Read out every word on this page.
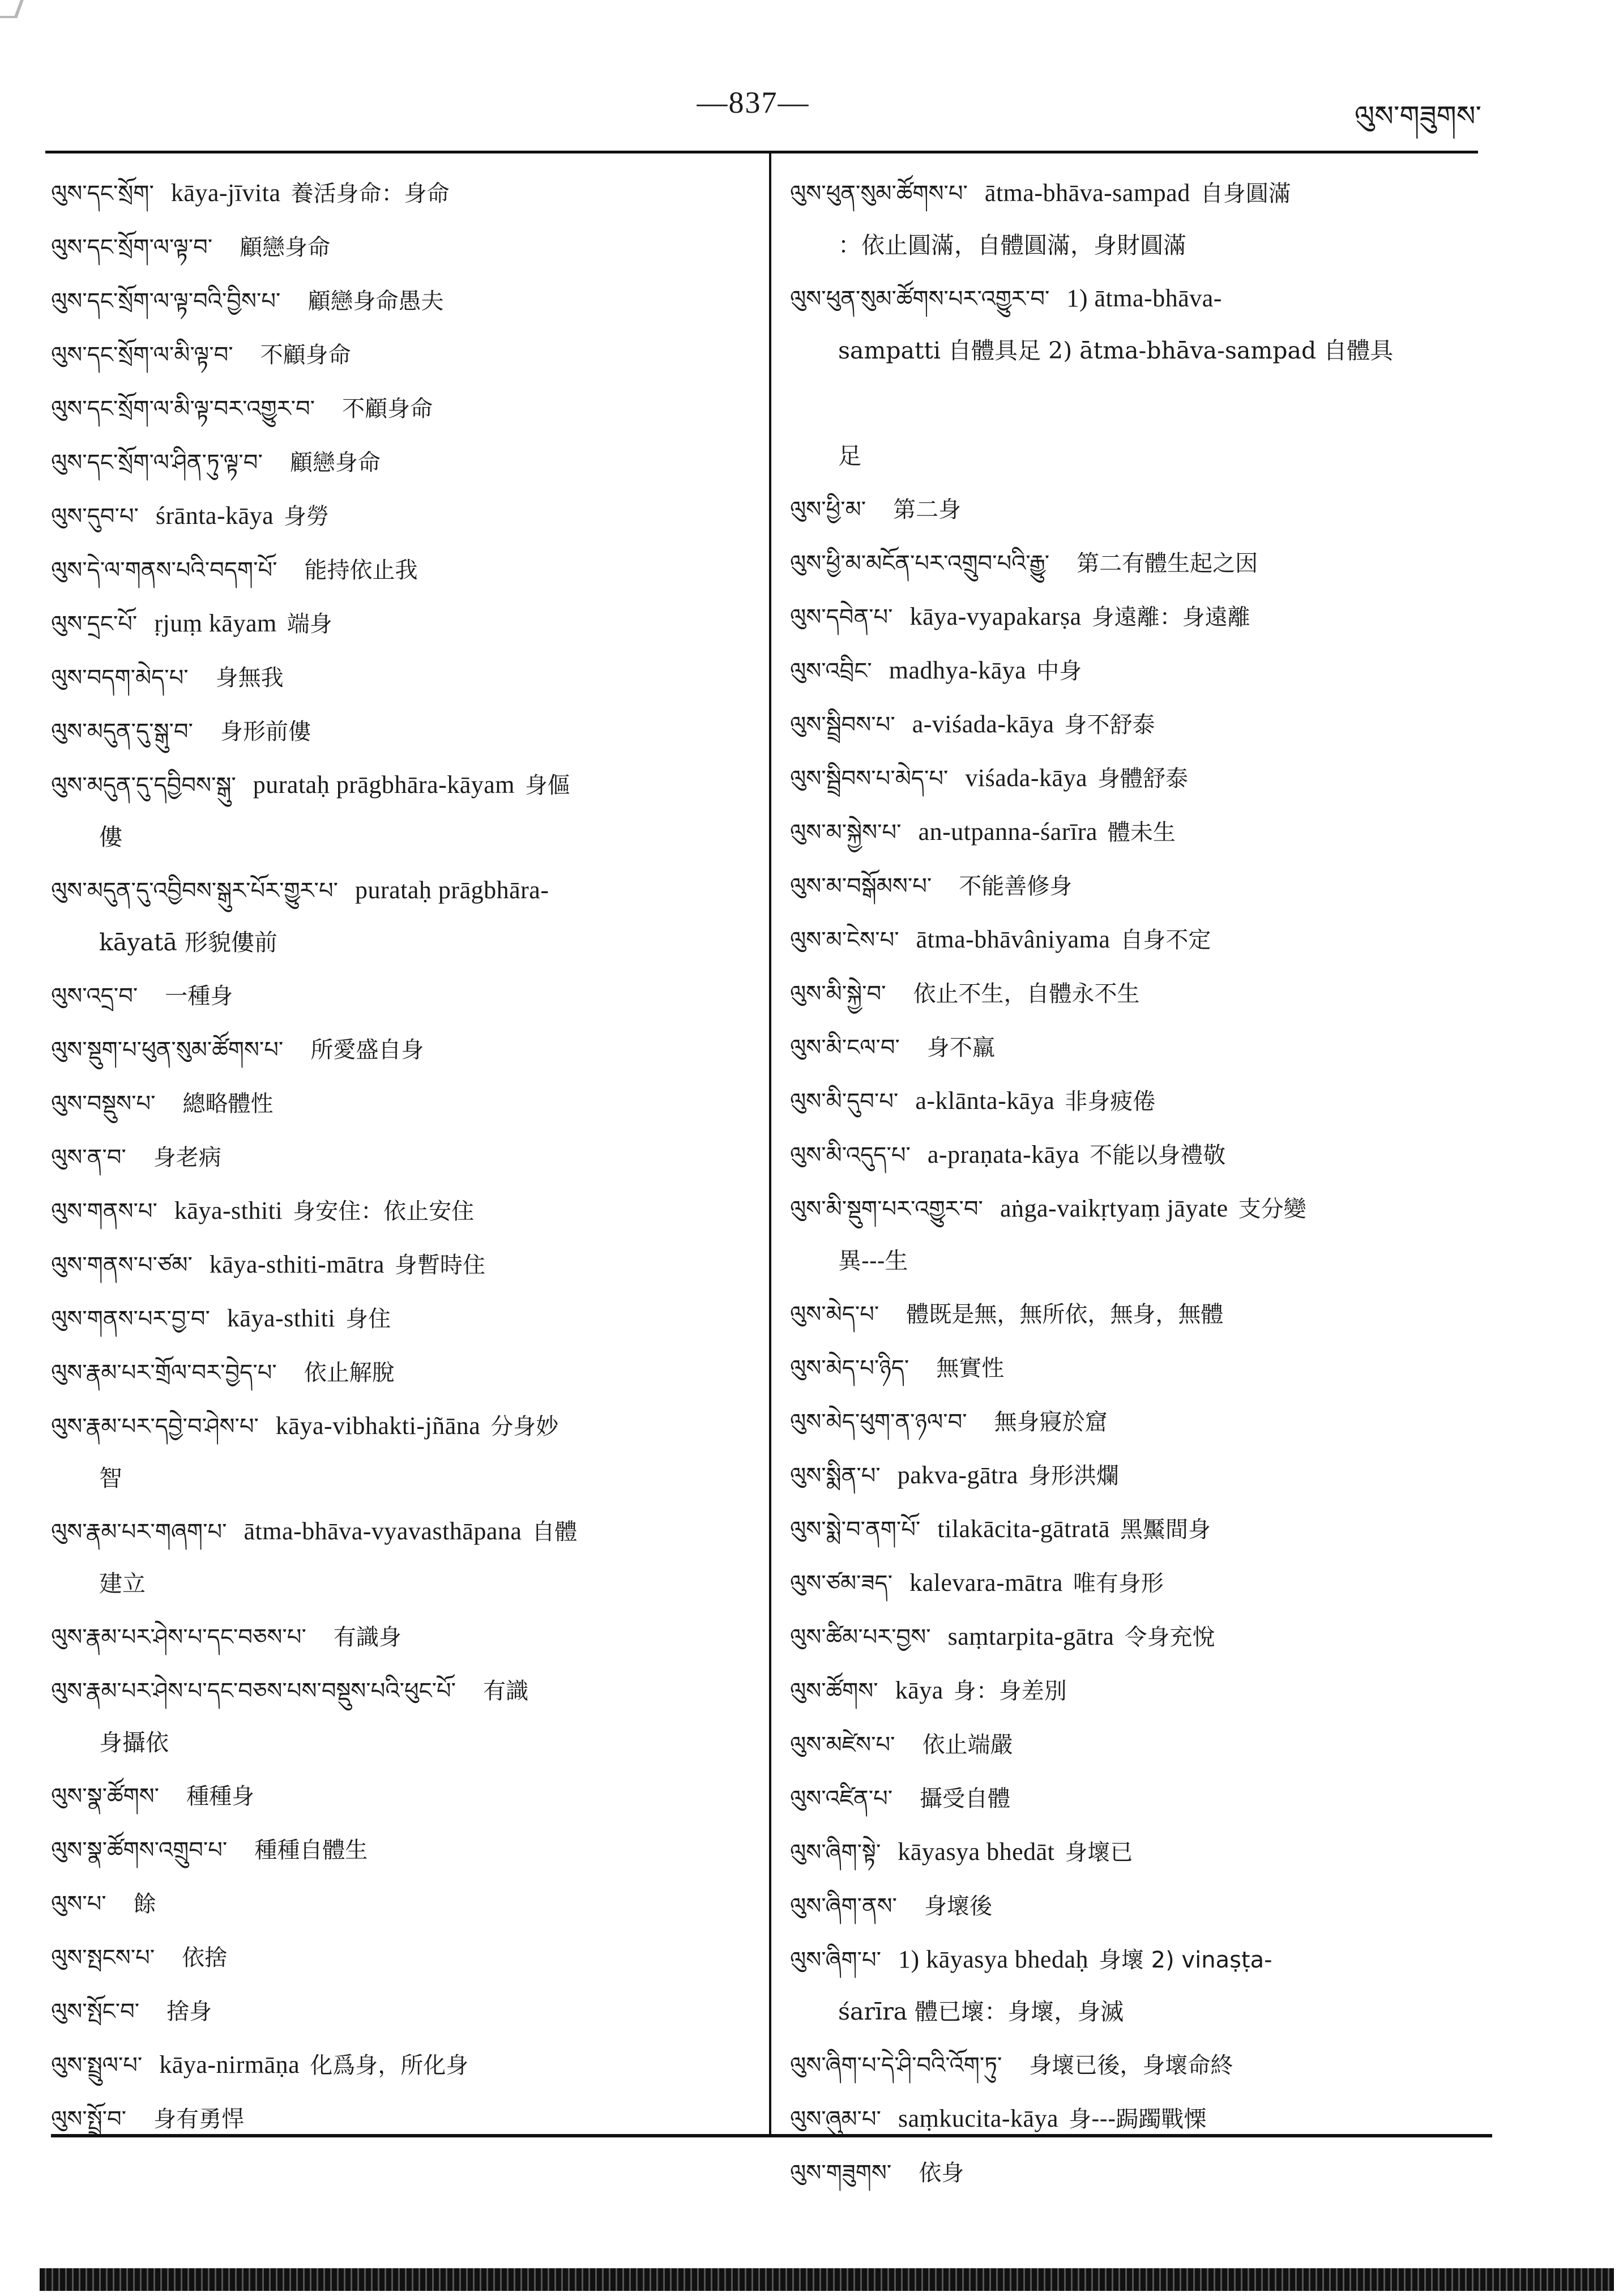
—837—	ལུས་གཟུགས་
ལུས་དང་སྲོག་ kāya-jīvita 養活身命：身命
ལུས་དང་སྲོག་ལ་ལྟ་བ་ 顧戀身命
ལུས་དང་སྲོག་ལ་ལྟ་བའི་བྱིས་པ་ 顧戀身命愚夫
ལུས་དང་སྲོག་ལ་མི་ལྟ་བ་ 不顧身命
ལུས་དང་སྲོག་ལ་མི་ལྟ་བར་འགྱུར་བ་ 不顧身命
ལུས་དང་སྲོག་ལ་ཤིན་ཏུ་ལྟ་བ་ 顧戀身命
ལུས་དུབ་པ་ śrānta-kāya 身勞
ལུས་དེ་ལ་གནས་པའི་བདག་པོ་ 能持依止我
ལུས་དྲང་པོ་ ṛjuṃ kāyam 端身
ལུས་བདག་མེད་པ་ 身無我
ལུས་མདུན་དུ་སྒུ་བ་ 身形前僂
ལུས་མདུན་དུ་དབྱིབས་སྒུ་ purataḥ prāgbhāra-kāyam 身傴
僂
ལུས་མདུན་དུ་འབྱིབས་སྒུར་པོར་གྱུར་པ་ purataḥ prāgbhāra-
kāyatā 形貌僂前
ལུས་འདྲ་བ་ 一種身
ལུས་སྡུག་པ་ཕུན་སུམ་ཚོགས་པ་ 所愛盛自身
ལུས་བསྡུས་པ་ 總略體性
ལུས་ན་བ་ 身老病
ལུས་གནས་པ་ kāya-sthiti 身安住：依止安住
ལུས་གནས་པ་ཙམ་ kāya-sthiti-mātra 身暫時住
ལུས་གནས་པར་བྱ་བ་ kāya-sthiti 身住
ལུས་རྣམ་པར་གྲོལ་བར་བྱེད་པ་ 依止解脫
ལུས་རྣམ་པར་དབྱེ་བ་ཤེས་པ་ kāya-vibhakti-jñāna 分身妙
智
ལུས་རྣམ་པར་གཞག་པ་ ātma-bhāva-vyavasthāpana 自體
建立
ལུས་རྣམ་པར་ཤེས་པ་དང་བཅས་པ་ 有識身
ལུས་རྣམ་པར་ཤེས་པ་དང་བཅས་པས་བསྡུས་པའི་ཕུང་པོ་ 有識
身攝依
ལུས་སྣ་ཚོགས་ 種種身
ལུས་སྣ་ཚོགས་འགྲུབ་པ་ 種種自體生
ལུས་པ་ 餘
ལུས་སྤངས་པ་ 依捨
ལུས་སྤོང་བ་ 捨身
ལུས་སྤྲུལ་པ་ kāya-nirmāṇa 化爲身，所化身
ལུས་སྤྲོ་བ་ 身有勇悍
ལུས་ཕུན་སུམ་ཚོགས་པ་ ātma-bhāva-sampad 自身圓滿
：依止圓滿，自體圓滿，身財圓滿
ལུས་ཕུན་སུམ་ཚོགས་པར་འགྱུར་བ་ 1) ātma-bhāva-
sampatti 自體具足 2) ātma-bhāva-sampad 自體具
足
ལུས་ཕྱི་མ་ 第二身
ལུས་ཕྱི་མ་མངོན་པར་འགྲུབ་པའི་རྒྱུ་ 第二有體生起之因
ལུས་དབེན་པ་ kāya-vyapakarṣa 身遠離：身遠離
ལུས་འབྲིང་ madhya-kāya 中身
ལུས་སྦྲིབས་པ་ a-viśada-kāya 身不舒泰
ལུས་སྦྲིབས་པ་མེད་པ་ viśada-kāya 身體舒泰
ལུས་མ་སྐྱེས་པ་ an-utpanna-śarīra 體未生
ལུས་མ་བསྒོམས་པ་ 不能善修身
ལུས་མ་ངེས་པ་ ātma-bhāvâniyama 自身不定
ལུས་མི་སྐྱེ་བ་ 依止不生，自體永不生
ལུས་མི་ངལ་བ་ 身不羸
ལུས་མི་དུབ་པ་ a-klānta-kāya 非身疲倦
ལུས་མི་འདུད་པ་ a-praṇata-kāya 不能以身禮敬
ལུས་མི་སྡུག་པར་འགྱུར་བ་ aṅga-vaikṛtyaṃ jāyate 支分變
異---生
ལུས་མེད་པ་ 體既是無，無所依，無身，無體
ལུས་མེད་པ་ཉིད་ 無實性
ལུས་མེད་ཕུག་ན་ཉལ་བ་ 無身寢於窟
ལུས་སྨིན་པ་ pakva-gātra 身形洪爛
ལུས་སྨེ་བ་ནག་པོ་ tilakācita-gātratā 黑黶間身
ལུས་ཙམ་ཟད་ kalevara-mātra 唯有身形
ལུས་ཚིམ་པར་བྱས་ saṃtarpita-gātra 令身充悅
ལུས་ཚོགས་ kāya 身：身差別
ལུས་མཛེས་པ་ 依止端嚴
ལུས་འཛིན་པ་ 攝受自體
ལུས་ཞིག་སྟེ་ kāyasya bhedāt 身壞已
ལུས་ཞིག་ནས་ 身壞後
ལུས་ཞིག་པ་ 1) kāyasya bhedaḥ 身壞 2) vinaṣṭa-
śarīra 體已壞：身壞，身滅
ལུས་ཞིག་པ་དེ་ཤི་བའི་འོག་ཏུ་ 身壞已後，身壞命終
ལུས་ཞུམ་པ་ saṃkucita-kāya 身---跼躅戰慄
ལུས་གཟུགས་ 依身
